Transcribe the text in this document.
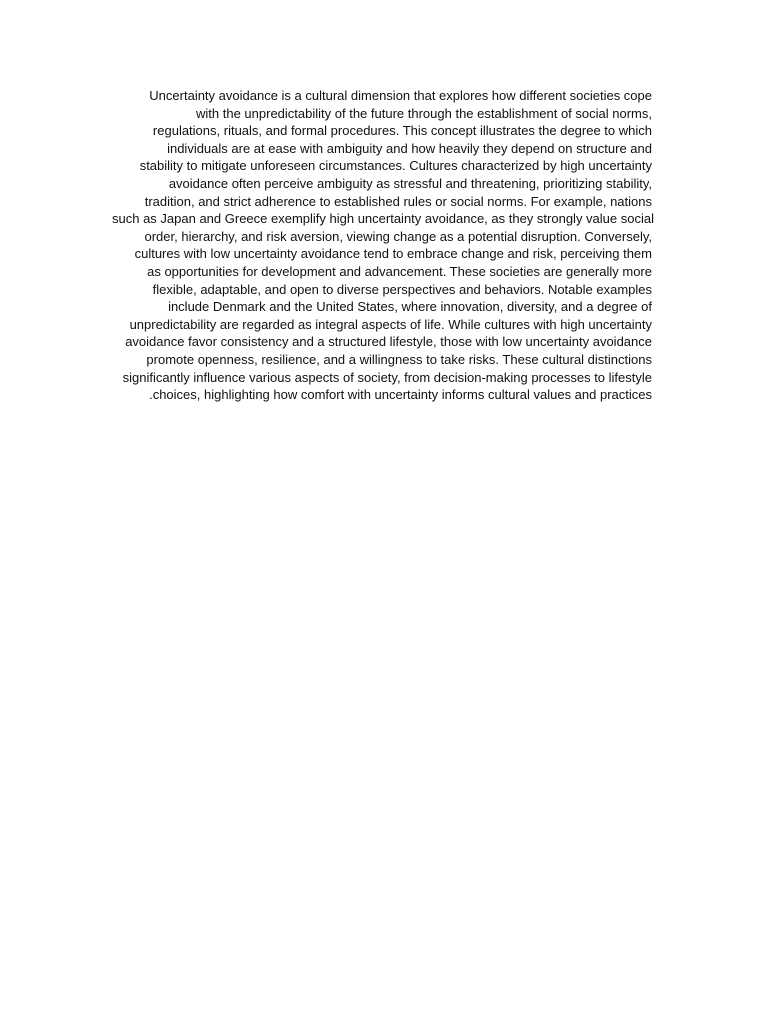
Uncertainty avoidance is a cultural dimension that explores how different societies cope
with the unpredictability of the future through the establishment of social norms,
regulations, rituals, and formal procedures. This concept illustrates the degree to which
individuals are at ease with ambiguity and how heavily they depend on structure and
stability to mitigate unforeseen circumstances. Cultures characterized by high uncertainty
avoidance often perceive ambiguity as stressful and threatening, prioritizing stability,
tradition, and strict adherence to established rules or social norms. For example, nations
such as Japan and Greece exemplify high uncertainty avoidance, as they strongly value social
order, hierarchy, and risk aversion, viewing change as a potential disruption. Conversely,
cultures with low uncertainty avoidance tend to embrace change and risk, perceiving them
as opportunities for development and advancement. These societies are generally more
flexible, adaptable, and open to diverse perspectives and behaviors. Notable examples
include Denmark and the United States, where innovation, diversity, and a degree of
unpredictability are regarded as integral aspects of life. While cultures with high uncertainty
avoidance favor consistency and a structured lifestyle, those with low uncertainty avoidance
promote openness, resilience, and a willingness to take risks. These cultural distinctions
significantly influence various aspects of society, from decision-making processes to lifestyle
.choices, highlighting how comfort with uncertainty informs cultural values and practices
